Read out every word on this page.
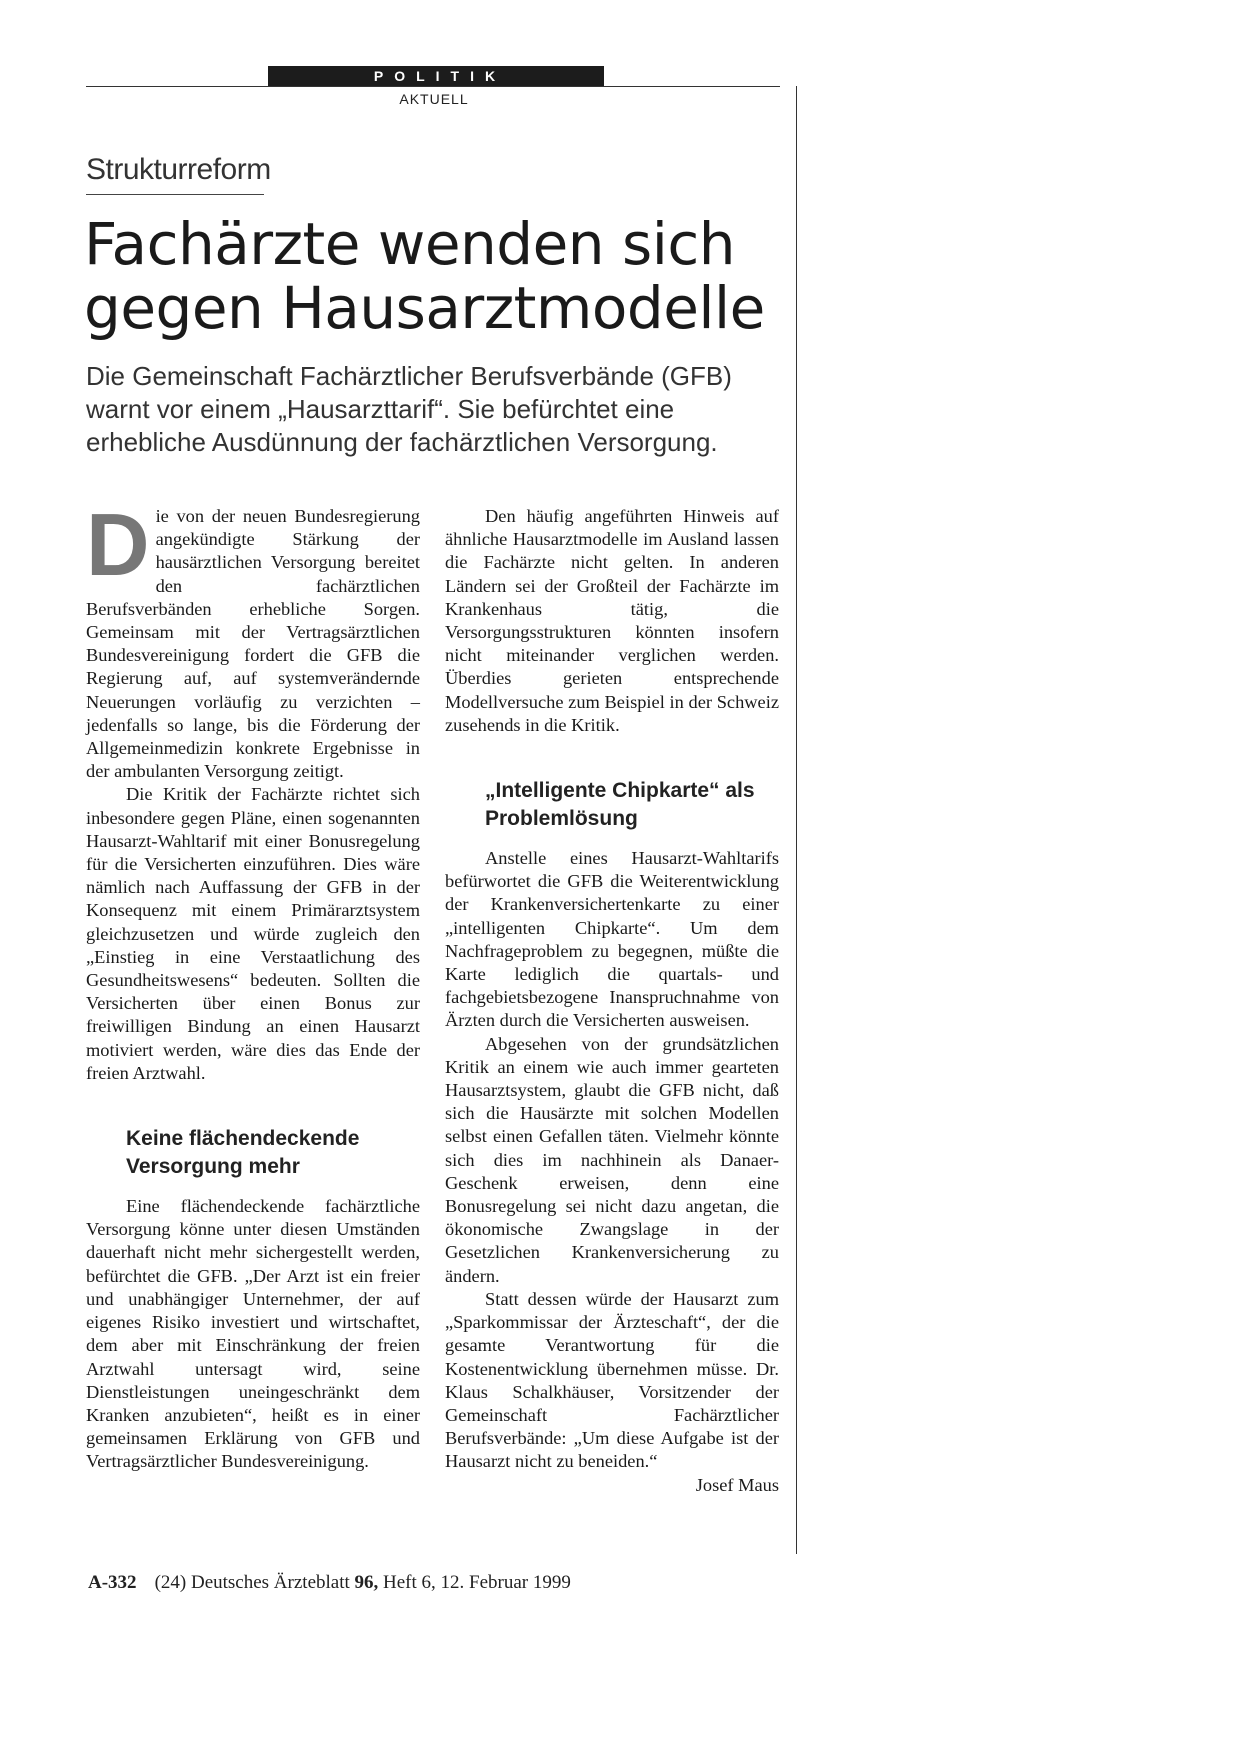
POLITIK
AKTUELL
Strukturreform
Fachärzte wenden sich
gegen Hausarztmodelle

Die Gemeinschaft Fachärztlicher Berufsverbände (GFB) warnt vor einem „Hausarzttarif“. Sie befürchtet eine erhebliche Ausdünnung der fachärztlichen Versorgung.

Die von der neuen Bundesregierung angekündigte Stärkung der hausärztlichen Versorgung bereitet den fachärztlichen Berufsverbänden erhebliche Sorgen. Gemeinsam mit der Vertragsärztlichen Bundesvereinigung fordert die GFB die Regierung auf, auf systemverändernde Neuerungen vorläufig zu verzichten – jedenfalls so lange, bis die Förderung der Allgemeinmedizin konkrete Ergebnisse in der ambulanten Versorgung zeitigt.

Die Kritik der Fachärzte richtet sich inbesondere gegen Pläne, einen sogenannten Hausarzt-Wahltarif mit einer Bonusregelung für die Versicherten einzuführen. Dies wäre nämlich nach Auffassung der GFB in der Konsequenz mit einem Primärarztsystem gleichzusetzen und würde zugleich den „Einstieg in eine Verstaatlichung des Gesundheitswesens“ bedeuten. Sollten die Versicherten über einen Bonus zur freiwilligen Bindung an einen Hausarzt motiviert werden, wäre dies das Ende der freien Arztwahl.

Keine flächendeckende Versorgung mehr

Eine flächendeckende fachärztliche Versorgung könne unter diesen Umständen dauerhaft nicht mehr sichergestellt werden, befürchtet die GFB. „Der Arzt ist ein freier und unabhängiger Unternehmer, der auf eigenes Risiko investiert und wirtschaftet, dem aber mit Einschränkung der freien Arztwahl untersagt wird, seine Dienstleistungen uneingeschränkt dem Kranken anzubieten“, heißt es in einer gemeinsamen Erklärung von GFB und Vertragsärztlicher Bundesvereinigung.

Den häufig angeführten Hinweis auf ähnliche Hausarztmodelle im Ausland lassen die Fachärzte nicht gelten. In anderen Ländern sei der Großteil der Fachärzte im Krankenhaus tätig, die Versorgungsstrukturen könnten insofern nicht miteinander verglichen werden. Überdies gerieten entsprechende Modellversuche zum Beispiel in der Schweiz zusehends in die Kritik.

„Intelligente Chipkarte“ als Problemlösung

Anstelle eines Hausarzt-Wahltarifs befürwortet die GFB die Weiterentwicklung der Krankenversichertenkarte zu einer „intelligenten Chipkarte“. Um dem Nachfrageproblem zu begegnen, müßte die Karte lediglich die quartals- und fachgebietsbezogene Inanspruchnahme von Ärzten durch die Versicherten ausweisen.

Abgesehen von der grundsätzlichen Kritik an einem wie auch immer gearteten Hausarztsystem, glaubt die GFB nicht, daß sich die Hausärzte mit solchen Modellen selbst einen Gefallen täten. Vielmehr könnte sich dies im nachhinein als Danaer-Geschenk erweisen, denn eine Bonusregelung sei nicht dazu angetan, die ökonomische Zwangslage in der Gesetzlichen Krankenversicherung zu ändern.

Statt dessen würde der Hausarzt zum „Sparkommissar der Ärzteschaft“, der die gesamte Verantwortung für die Kostenentwicklung übernehmen müsse. Dr. Klaus Schalkhäuser, Vorsitzender der Gemeinschaft Fachärztlicher Berufsverbände: „Um diese Aufgabe ist der Hausarzt nicht zu beneiden.“
Josef Maus

A-332 (24) Deutsches Ärzteblatt 96, Heft 6, 12. Februar 1999
